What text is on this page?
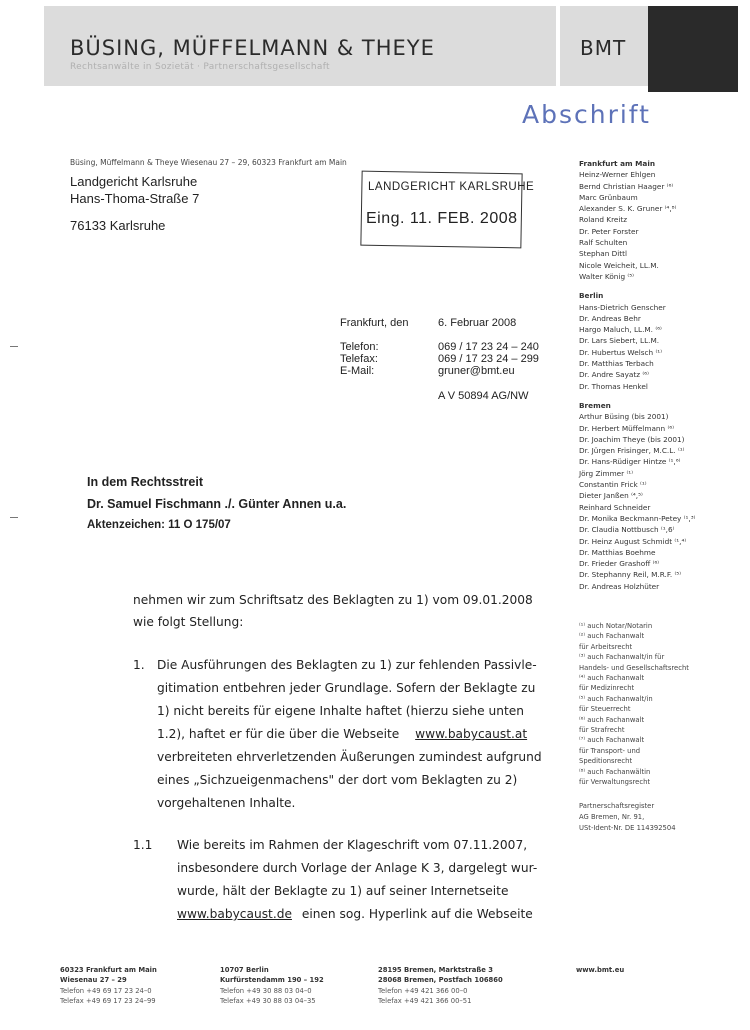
BÜSING, MÜFFELMANN & THEYE
Rechtsanwälte in Sozietät · Partnerschaftsgesellschaft
BMT
Abschrift
Büsing, Müffelmann & Theye Wiesenau 27 – 29, 60323 Frankfurt am Main
Landgericht Karlsruhe
Hans-Thoma-Straße 7
76133 Karlsruhe
LANDGERICHT KARLSRUHE
Eing. 11. FEB. 2008
Frankfurt, den	6. Februar 2008
Telefon:	069 / 17 23 24 – 240
Telefax:	069 / 17 23 24 – 299
E-Mail:	gruner@bmt.eu
A V 50894 AG/NW
In dem Rechtsstreit
Dr. Samuel Fischmann ./. Günter Annen u.a.
Aktenzeichen: 11 O 175/07
nehmen wir zum Schriftsatz des Beklagten zu 1) vom 09.01.2008
wie folgt Stellung:
1. Die Ausführungen des Beklagten zu 1) zur fehlenden Passivle-
gitimation entbehren jeder Grundlage. Sofern der Beklagte zu
1) nicht bereits für eigene Inhalte haftet (hierzu siehe unten
1.2), haftet er für die über die Webseite www.babycaust.at
verbreiteten ehrverletzenden Äußerungen zumindest aufgrund
eines „Sichzueigenmachens" der dort vom Beklagten zu 2)
vorgehaltenen Inhalte.
1.1 Wie bereits im Rahmen der Klageschrift vom 07.11.2007,
insbesondere durch Vorlage der Anlage K 3, dargelegt wur-
wurde, hält der Beklagte zu 1) auf seiner Internetseite
www.babycaust.de einen sog. Hyperlink auf die Webseite
Frankfurt am Main
Heinz-Werner Ehlgen
Bernd Christian Haager ⁽⁶⁾
Marc Grünbaum
Alexander S. K. Gruner ⁽⁴,⁸⁾
Roland Kreitz
Dr. Peter Forster
Ralf Schulten
Stephan Dittl
Nicole Weicheit, LL.M.
Walter König ⁽⁵⁾
Berlin
Hans-Dietrich Genscher
Dr. Andreas Behr
Hargo Maluch, LL.M. ⁽⁶⁾
Dr. Lars Siebert, LL.M.
Dr. Hubertus Welsch ⁽¹⁾
Dr. Matthias Terbach
Dr. Andre Sayatz ⁽⁶⁾
Dr. Thomas Henkel
Bremen
Arthur Büsing (bis 2001)
Dr. Herbert Müffelmann ⁽⁶⁾
Dr. Joachim Theye (bis 2001)
Dr. Jürgen Frisinger, M.C.L. ⁽¹⁾
Dr. Hans-Rüdiger Hintze ⁽¹,⁶⁾
Jörg Zimmer ⁽¹⁾
Constantin Frick ⁽¹⁾
Dieter Janßen ⁽⁴,⁵⁾
Reinhard Schneider
Dr. Monika Beckmann-Petey ⁽¹,³⁾
Dr. Claudia Nottbusch ⁽¹,6⁾
Dr. Heinz August Schmidt ⁽¹,⁴⁾
Dr. Matthias Boehme
Dr. Frieder Grashoff ⁽⁶⁾
Dr. Stephanny Reil, M.R.F. ⁽⁵⁾
Dr. Andreas Holzhüter
⁽¹⁾ auch Notar/Notarin
⁽²⁾ auch Fachanwalt
für Arbeitsrecht
⁽³⁾ auch Fachanwalt/in für
Handels- und Gesellschaftsrecht
⁽⁴⁾ auch Fachanwalt
für Medizinrecht
⁽⁵⁾ auch Fachanwalt/in
für Steuerrecht
⁽⁶⁾ auch Fachanwalt
für Strafrecht
⁽⁷⁾ auch Fachanwalt
für Transport- und
Speditionsrecht
⁽⁸⁾ auch Fachanwältin
für Verwaltungsrecht
Partnerschaftsregister
AG Bremen, Nr. 91,
USt-Ident-Nr. DE 114392504
60323 Frankfurt am Main
Wiesenau 27 – 29
Telefon +49 69 17 23 24–0
Telefax +49 69 17 23 24–99
10707 Berlin
Kurfürstendamm 190 – 192
Telefon +49 30 88 03 04–0
Telefax +49 30 88 03 04–35
28195 Bremen, Marktstraße 3
28068 Bremen, Postfach 106860
Telefon +49 421 366 00–0
Telefax +49 421 366 00–51
www.bmt.eu
